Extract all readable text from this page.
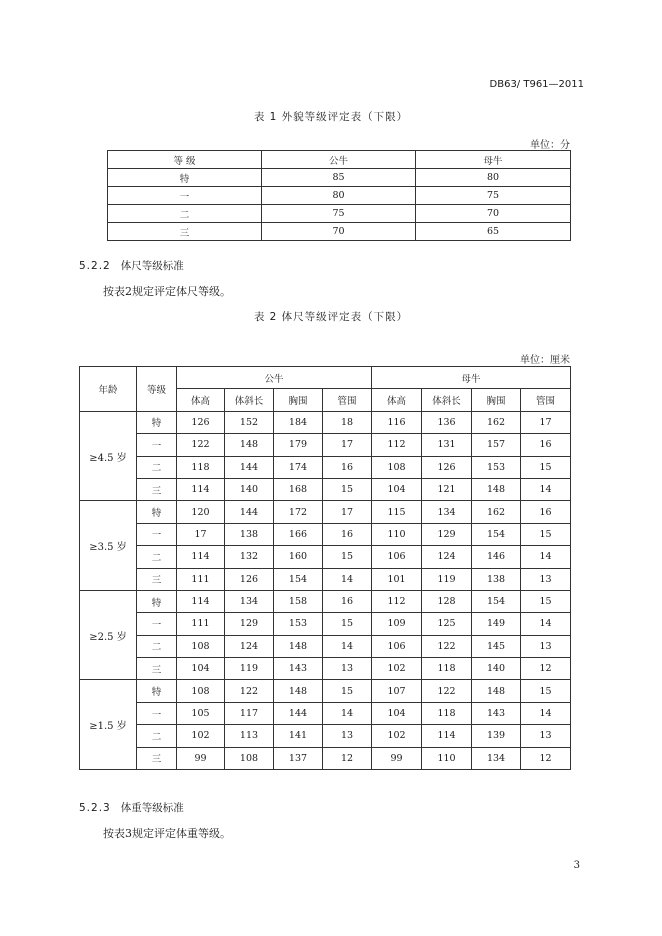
DB63/ T961—2011
表 1 外貌等级评定表（下限）
单位：分
等 级	公牛	母牛
特	85	80
一	80	75
二	75	70
三	70	65
5.2.2 体尺等级标准
按表2规定评定体尺等级。
表 2 体尺等级评定表（下限）
单位：厘米
年龄	等级	公牛				母牛			
		体高	体斜长	胸围	管围	体高	体斜长	胸围	管围
≥4.5 岁	特	126	152	184	18	116	136	162	17
	一	122	148	179	17	112	131	157	16
	二	118	144	174	16	108	126	153	15
	三	114	140	168	15	104	121	148	14
≥3.5 岁	特	120	144	172	17	115	134	162	16
	一	17	138	166	16	110	129	154	15
	二	114	132	160	15	106	124	146	14
	三	111	126	154	14	101	119	138	13
≥2.5 岁	特	114	134	158	16	112	128	154	15
	一	111	129	153	15	109	125	149	14
	二	108	124	148	14	106	122	145	13
	三	104	119	143	13	102	118	140	12
≥1.5 岁	特	108	122	148	15	107	122	148	15
	一	105	117	144	14	104	118	143	14
	二	102	113	141	13	102	114	139	13
	三	99	108	137	12	99	110	134	12
5.2.3 体重等级标准
按表3规定评定体重等级。
3
